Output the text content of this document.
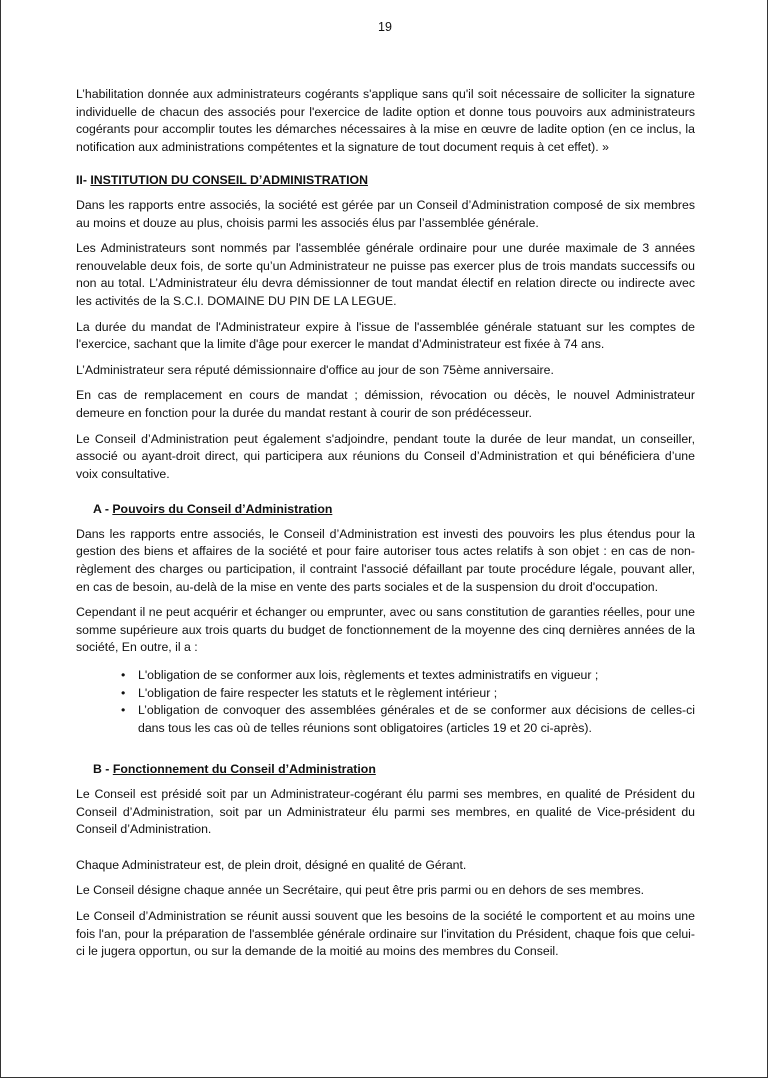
19

L’habilitation donnée aux administrateurs cogérants s'applique sans qu'il soit nécessaire de solliciter la signature individuelle de chacun des associés pour l'exercice de ladite option et donne tous pouvoirs aux administrateurs cogérants pour accomplir toutes les démarches nécessaires à la mise en œuvre de ladite option (en ce inclus, la notification aux administrations compétentes et la signature de tout document requis à cet effet). »

II- INSTITUTION DU CONSEIL D’ADMINISTRATION

Dans les rapports entre associés, la société est gérée par un Conseil d’Administration composé de six membres au moins et douze au plus, choisis parmi les associés élus par l’assemblée générale.

Les Administrateurs sont nommés par l'assemblée générale ordinaire pour une durée maximale de 3 années renouvelable deux fois, de sorte qu’un Administrateur ne puisse pas exercer plus de trois mandats successifs ou non au total. L’Administrateur élu devra démissionner de tout mandat électif en relation directe ou indirecte avec les activités de la S.C.I. DOMAINE DU PIN DE LA LEGUE.

La durée du mandat de l'Administrateur expire à l'issue de l'assemblée générale statuant sur les comptes de l'exercice, sachant que la limite d'âge pour exercer le mandat d’Administrateur est fixée à 74 ans.

L’Administrateur sera réputé démissionnaire d'office au jour de son 75ème anniversaire.

En cas de remplacement en cours de mandat ; démission, révocation ou décès, le nouvel Administrateur demeure en fonction pour la durée du mandat restant à courir de son prédécesseur.

Le Conseil d’Administration peut également s'adjoindre, pendant toute la durée de leur mandat, un conseiller, associé ou ayant-droit direct, qui participera aux réunions du Conseil d’Administration et qui bénéficiera d’une voix consultative.

A - Pouvoirs du Conseil d’Administration

Dans les rapports entre associés, le Conseil d’Administration est investi des pouvoirs les plus étendus pour la gestion des biens et affaires de la société et pour faire autoriser tous actes relatifs à son objet : en cas de non-règlement des charges ou participation, il contraint l'associé défaillant par toute procédure légale, pouvant aller, en cas de besoin, au-delà de la mise en vente des parts sociales et de la suspension du droit d'occupation.

Cependant il ne peut acquérir et échanger ou emprunter, avec ou sans constitution de garanties réelles, pour une somme supérieure aux trois quarts du budget de fonctionnement de la moyenne des cinq dernières années de la société, En outre, il a :

• L'obligation de se conformer aux lois, règlements et textes administratifs en vigueur ;
• L'obligation de faire respecter les statuts et le règlement intérieur ;
• L’obligation de convoquer des assemblées générales et de se conformer aux décisions de celles-ci dans tous les cas où de telles réunions sont obligatoires (articles 19 et 20 ci-après).
B - Fonctionnement du Conseil d’Administration

Le Conseil est présidé soit par un Administrateur-cogérant élu parmi ses membres, en qualité de Président du Conseil d’Administration, soit par un Administrateur élu parmi ses membres, en qualité de Vice-président du Conseil d’Administration.

Chaque Administrateur est, de plein droit, désigné en qualité de Gérant.

Le Conseil désigne chaque année un Secrétaire, qui peut être pris parmi ou en dehors de ses membres.

Le Conseil d’Administration se réunit aussi souvent que les besoins de la société le comportent et au moins une fois l'an, pour la préparation de l'assemblée générale ordinaire sur l'invitation du Président, chaque fois que celui-ci le jugera opportun, ou sur la demande de la moitié au moins des membres du Conseil.
